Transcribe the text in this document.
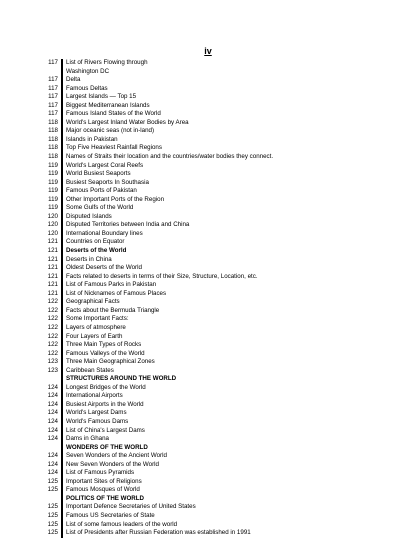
iv
117	List of Rivers Flowing through
Washington DC
117	Delta
117	Famous Deltas
117	Largest Islands — Top 15
117	Biggest Mediterranean Islands
117	Famous Island States of the World
118	World's Largest Inland Water Bodies by Area
118	Major oceanic seas (not in-land)
118	Islands in Pakistan
118	Top Five Heaviest Rainfall Regions
118	Names of Straits their location and the countries/water bodies they connect.
119	World's Largest Coral Reefs
119	World Busiest Seaports
119	Busiest Seaports In Southasia
119	Famous Ports of Pakistan
119	Other Important Ports of the Region
119	Some Gulfs of the World
120	Disputed Islands
120	Disputed Territories between India and China
120	International Boundary lines
121	Countries on Equator
121	Deserts of the World
121	Deserts in China
121	Oldest Deserts of the World
121	Facts related to deserts in terms of their Size, Structure, Location, etc.
121	List of Famous Parks in Pakistan
121	List of Nicknames of Famous Places
122	Geographical Facts
122	Facts about the Bermuda Triangle
122	Some Important Facts:
122	Layers of atmosphere
122	Four Layers of Earth
122	Three Main Types of Rocks
122	Famous Valleys of the World
123	Three Main Geographical Zones
123	Caribbean States
STRUCTURES AROUND THE WORLD
124	Longest Bridges of the World
124	International Airports
124	Busiest Airports in the World
124	World's Largest Dams
124	World's Famous Dams
124	List of China's Largest Dams
124	Dams in Ghana
WONDERS OF THE WORLD
124	Seven Wonders of the Ancient World
124	New Seven Wonders of the World
124	List of Famous Pyramids
125	Important Sites of Religions
125	Famous Mosques of World
POLITICS OF THE WORLD
125	Important Defence Secretaries of United States
125	Famous US Secretaries of State
125	List of some famous leaders of the world
125	List of Presidents after Russian Federation was established in 1991
